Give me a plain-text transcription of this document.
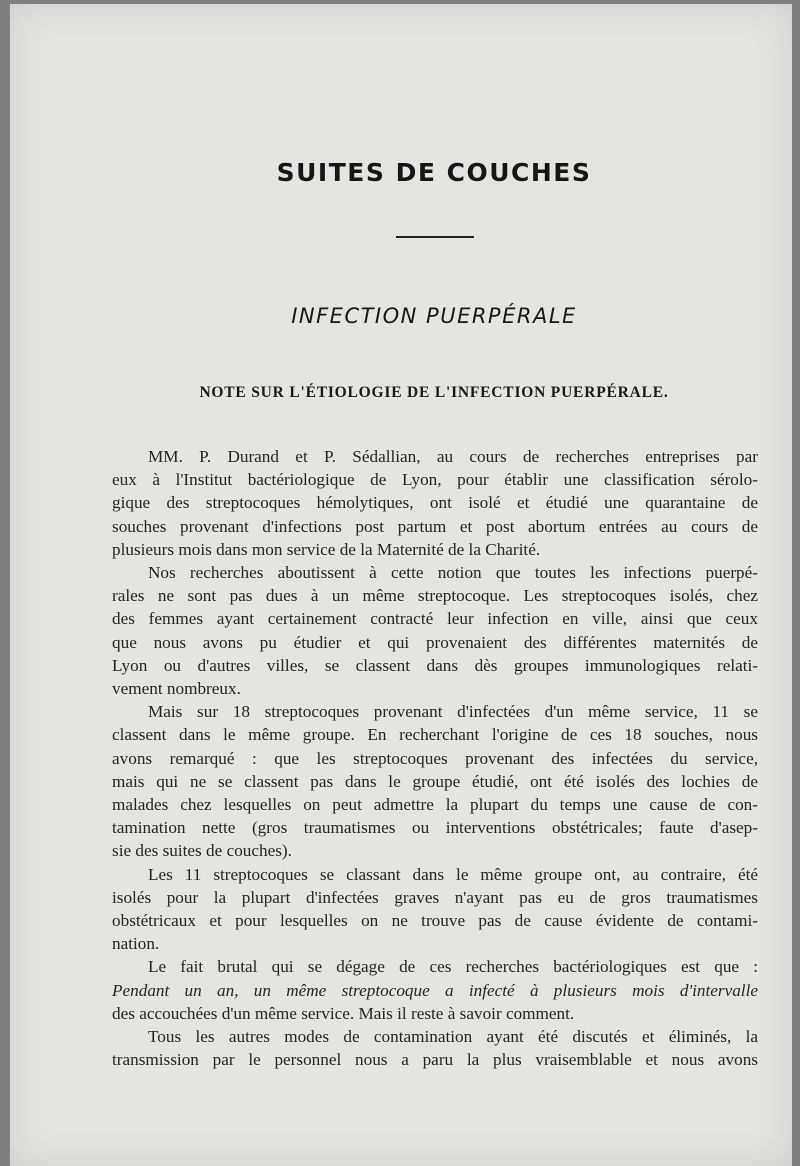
SUITES DE COUCHES
INFECTION PUERPÉRALE
NOTE SUR L'ÉTIOLOGIE DE L'INFECTION PUERPÉRALE.
MM. P. Durand et P. Sédallian, au cours de recherches entreprises par
eux à l'Institut bactériologique de Lyon, pour établir une classification sérolo-
gique des streptocoques hémolytiques, ont isolé et étudié une quarantaine de
souches provenant d'infections post partum et post abortum entrées au cours de
plusieurs mois dans mon service de la Maternité de la Charité.
Nos recherches aboutissent à cette notion que toutes les infections puerpé-
rales ne sont pas dues à un même streptocoque. Les streptocoques isolés, chez
des femmes ayant certainement contracté leur infection en ville, ainsi que ceux
que nous avons pu étudier et qui provenaient des différentes maternités de
Lyon ou d'autres villes, se classent dans dès groupes immunologiques relati-
vement nombreux.
Mais sur 18 streptocoques provenant d'infectées d'un même service, 11 se
classent dans le même groupe. En recherchant l'origine de ces 18 souches, nous
avons remarqué : que les streptocoques provenant des infectées du service,
mais qui ne se classent pas dans le groupe étudié, ont été isolés des lochies de
malades chez lesquelles on peut admettre la plupart du temps une cause de con-
tamination nette (gros traumatismes ou interventions obstétricales; faute d'asep-
sie des suites de couches).
Les 11 streptocoques se classant dans le même groupe ont, au contraire, été
isolés pour la plupart d'infectées graves n'ayant pas eu de gros traumatismes
obstétricaux et pour lesquelles on ne trouve pas de cause évidente de contami-
nation.
Le fait brutal qui se dégage de ces recherches bactériologiques est que :
Pendant un an, un même streptocoque a infecté à plusieurs mois d'intervalle
des accouchées d'un même service. Mais il reste à savoir comment.
Tous les autres modes de contamination ayant été discutés et éliminés, la
transmission par le personnel nous a paru la plus vraisemblable et nous avons
